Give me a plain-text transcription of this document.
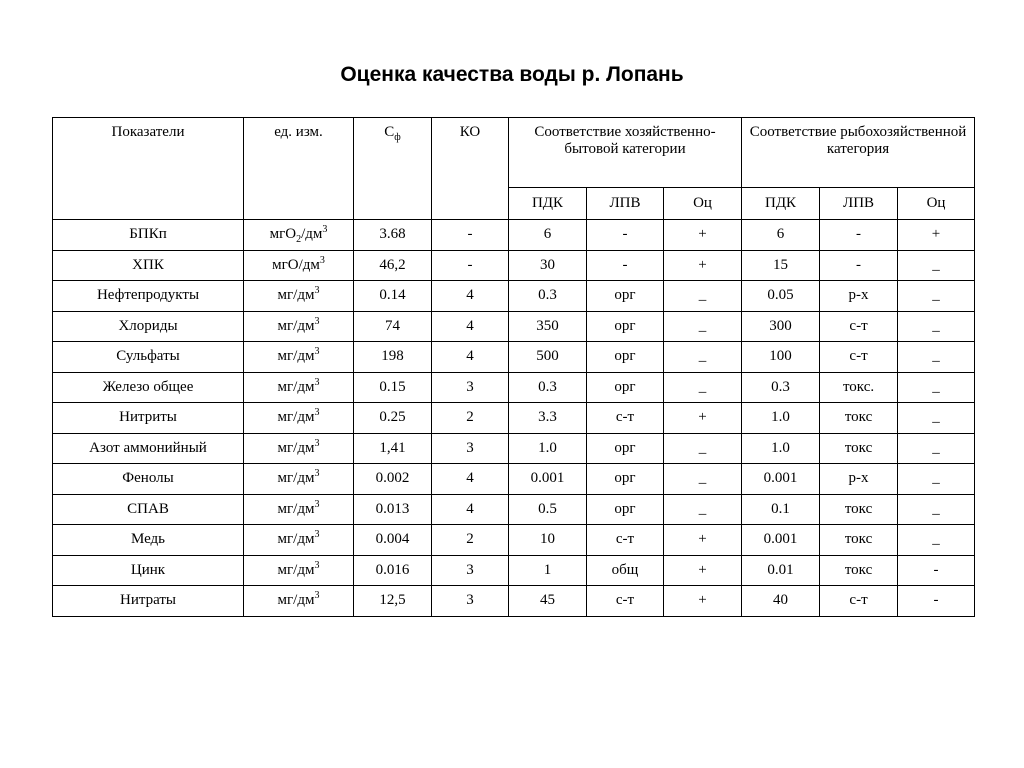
Оценка качества воды р. Лопань
Показатели	ед. изм.	$С_ф$	КО	Соответствие хозяйственно-бытовой категории			Соответствие рыбохозяйственной категория		
				ПДК	ЛПВ	Оц	ПДК	ЛПВ	Оц
БПКп	$мгО_2/дм^3$	3.68	-	6	-	+	6	-	+
ХПК	мгО/$дм^3$	46,2	-	30	-	+	15	-	_
Нефтепродукты	$мг/дм^3$	0.14	4	0.3	орг	_	0.05	р-х	_
Хлориды	$мг/дм^3$	74	4	350	орг	_	300	с-т	_
Сульфаты	$мг/дм^3$	198	4	500	орг	_	100	с-т	_
Железо общее	$мг/дм^3$	0.15	3	0.3	орг	_	0.3	токс.	_
Нитриты	$мг/дм^3$	0.25	2	3.3	с-т	+	1.0	токс	_
Азот аммонийный	$мг/дм^3$	1,41	3	1.0	орг	_	1.0	токс	_
Фенолы	$мг/дм^3$	0.002	4	0.001	орг	_	0.001	р-х	_
СПАВ	$мг/дм^3$	0.013	4	0.5	орг	_	0.1	токс	_
Медь	$мг/дм^3$	0.004	2	10	с-т	+	0.001	токс	_
Цинк	$мг/дм^3$	0.016	3	1	общ	+	0.01	токс	-
Нитраты	$мг/дм^3$	12,5	3	45	с-т	+	40	с-т	-
